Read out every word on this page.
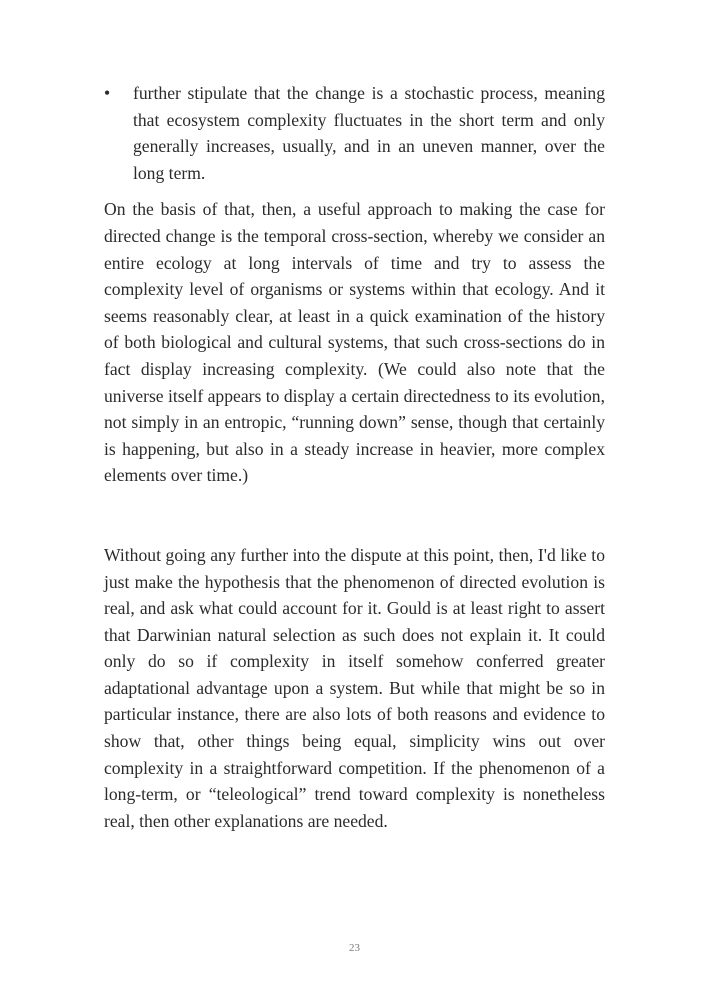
•	further stipulate that the change is a stochastic process, meaning that ecosystem complexity fluctuates in the short term and only generally increases, usually, and in an uneven manner, over the long term.

On the basis of that, then, a useful approach to making the case for directed change is the temporal cross-section, whereby we consider an entire ecology at long intervals of time and try to assess the complexity level of organisms or systems within that ecology. And it seems reasonably clear, at least in a quick examination of the history of both biological and cultural systems, that such cross-sections do in fact display increasing complexity. (We could also note that the universe itself appears to display a certain directedness to its evolution, not simply in an entropic, “running down” sense, though that certainly is happening, but also in a steady increase in heavier, more complex elements over time.)

Without going any further into the dispute at this point, then, I'd like to just make the hypothesis that the phenomenon of directed evolution is real, and ask what could account for it. Gould is at least right to assert that Darwinian natural selection as such does not explain it. It could only do so if complexity in itself somehow conferred greater adaptational advantage upon a system. But while that might be so in particular instance, there are also lots of both reasons and evidence to show that, other things being equal, simplicity wins out over complexity in a straightforward competition. If the phenomenon of a long-term, or “teleological” trend toward complexity is nonetheless real, then other explanations are needed.

23
